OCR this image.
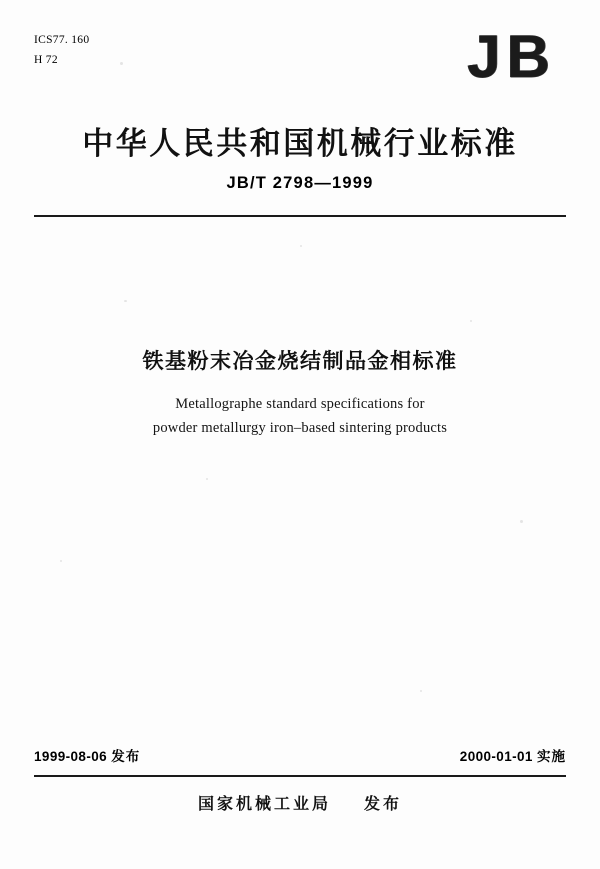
ICS77. 160
H 72	JB
中华人民共和国机械行业标准
JB/T 2798—1999
铁基粉末冶金烧结制品金相标准
Metallographe standard specifications for
powder metallurgy iron–based sintering products
1999-08-06 发布	2000-01-01 实施
国家机械工业局 发布
